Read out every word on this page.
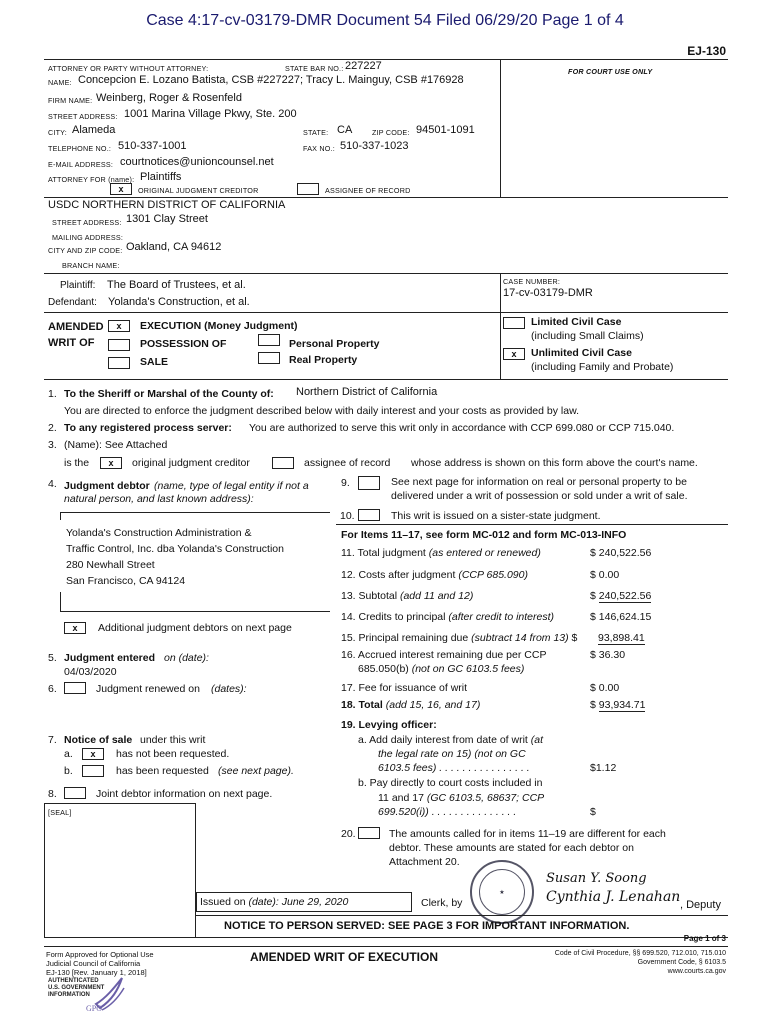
Case 4:17-cv-03179-DMR Document 54 Filed 06/29/20 Page 1 of 4
EJ-130
ATTORNEY OR PARTY WITHOUT ATTORNEY:	STATE BAR NO.: 227227	FOR COURT USE ONLY
NAME: Concepcion E. Lozano Batista, CSB #227227; Tracy L. Mainguy, CSB #176928
FIRM NAME: Weinberg, Roger & Rosenfeld
STREET ADDRESS: 1001 Marina Village Pkwy, Ste. 200
CITY: Alameda	STATE: CA	ZIP CODE: 94501-1091
TELEPHONE NO.: 510-337-1001	FAX NO.: 510-337-1023
E-MAIL ADDRESS: courtnotices@unioncounsel.net
ATTORNEY FOR (name): Plaintiffs
x	ORIGINAL JUDGMENT CREDITOR	ASSIGNEE OF RECORD
USDC NORTHERN DISTRICT OF CALIFORNIA
STREET ADDRESS: 1301 Clay Street
MAILING ADDRESS:
CITY AND ZIP CODE: Oakland, CA 94612
BRANCH NAME:
CASE NUMBER:
17-cv-03179-DMR
Plaintiff: The Board of Trustees, et al.
Defendant: Yolanda's Construction, et al.
AMENDED	x	EXECUTION (Money Judgment)
WRIT OF	POSSESSION OF
SALE
Personal Property
Real Property
Limited Civil Case
(including Small Claims)
x	Unlimited Civil Case
(including Family and Probate)
1. To the Sheriff or Marshal of the County of: Northern District of California
You are directed to enforce the judgment described below with daily interest and your costs as provided by law.
2. To any registered process server: You are authorized to serve this writ only in accordance with CCP 699.080 or CCP 715.040.
3. (Name): See Attached
is the	x	original judgment creditor	assignee of record whose address is shown on this form above the court's name.
4. Judgment debtor (name, type of legal entity if not a
natural person, and last known address):
Yolanda's Construction Administration &
Traffic Control, Inc. dba Yolanda's Construction
280 Newhall Street
San Francisco, CA 94124
x	Additional judgment debtors on next page
5. Judgment entered on (date):
04/03/2020
6.	Judgment renewed on (dates):
7. Notice of sale under this writ
a.	x	has not been requested.
b.	has been requested (see next page).
8.	Joint debtor information on next page.
[SEAL]
9.	See next page for information on real or personal property to be
delivered under a writ of possession or sold under a writ of sale.
10.	This writ is issued on a sister-state judgment.
For Items 11–17, see form MC-012 and form MC-013-INFO
11. Total judgment (as entered or renewed)	$ 240,522.56
12. Costs after judgment (CCP 685.090)	$ 0.00
13. Subtotal (add 11 and 12)	$ 240,522.56
14. Credits to principal (after credit to interest)	$ 146,624.15
15. Principal remaining due (subtract 14 from 13) $ 93,898.41
16. Accrued interest remaining due per CCP
685.050(b) (not on GC 6103.5 fees)
$ 36.30
17. Fee for issuance of writ	$ 0.00
18. Total (add 15, 16, and 17)	$ 93,934.71
19. Levying officer:
a. Add daily interest from date of writ (at
the legal rate on 15) (not on GC
6103.5 fees) . . . . . . . . . . . . . . . .	$1.12
b. Pay directly to court costs included in
11 and 17 (GC 6103.5, 68637; CCP
699.520(i)) . . . . . . . . . . . . . . .	$
20.	The amounts called for in items 11–19 are different for each
debtor. These amounts are stated for each debtor on
Attachment 20.
Issued on (date): June 29, 2020	Clerk, by
★
Susan Y. Soong
Cynthia J. Lenahan , Deputy
NOTICE TO PERSON SERVED: SEE PAGE 3 FOR IMPORTANT INFORMATION.
Page 1 of 3
Form Approved for Optional Use
Judicial Council of California
EJ-130 [Rev. January 1, 2018]
AMENDED WRIT OF EXECUTION	Code of Civil Procedure, §§ 699.520, 712.010, 715.010
Government Code, § 6103.5
www.courts.ca.gov
AUTHENTICATED
U.S. GOVERNMENT
INFORMATION
GPO
